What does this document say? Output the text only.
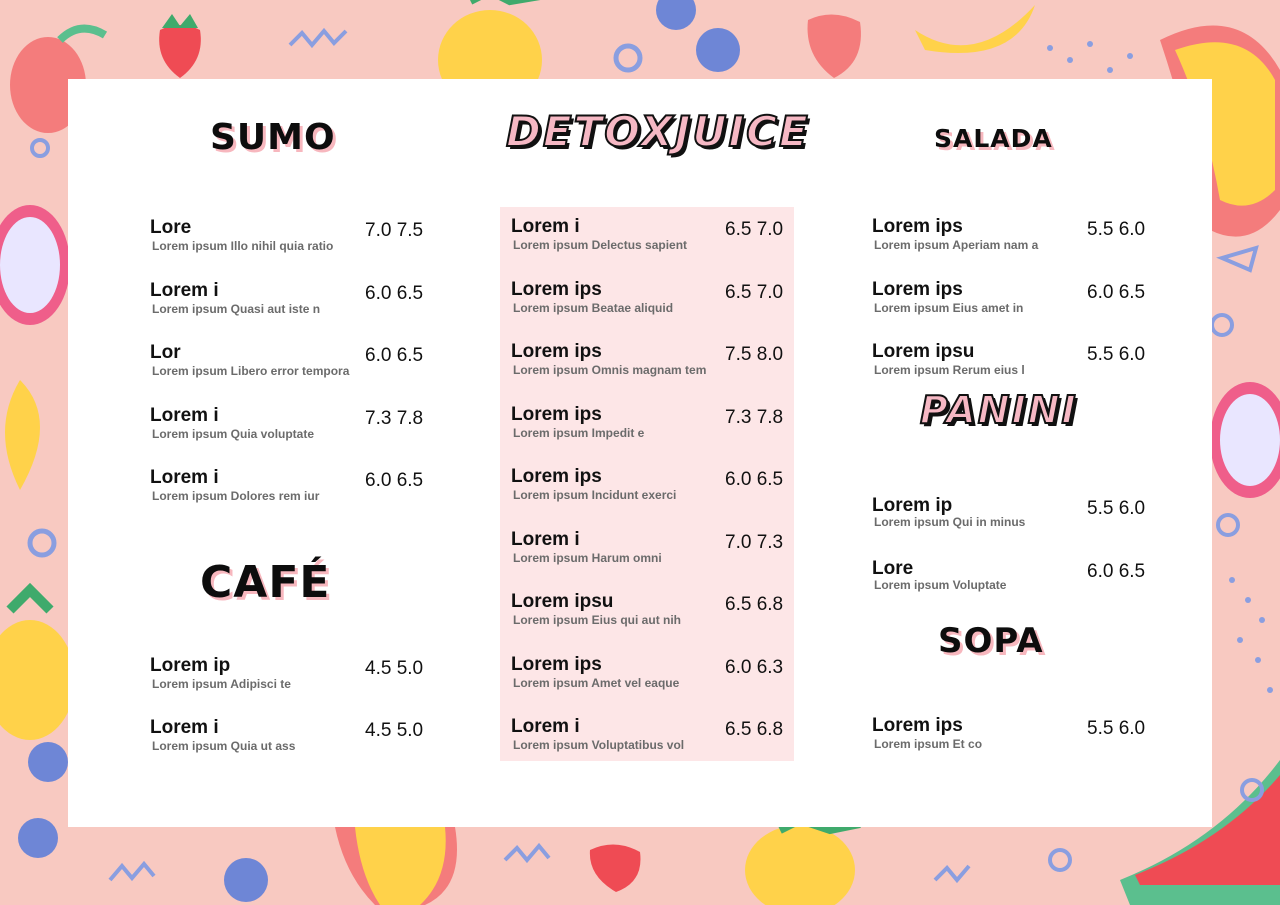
SUMO
CAFÉ
DETOXJUICE	SALADA
PANINI
SOPA
Lore
Lorem ipsum Illo nihil quia ratio
7.0 7.5
Lorem i
Lorem ipsum Quasi aut iste n
6.0 6.5
Lor
Lorem ipsum Libero error tempora
6.0 6.5
Lorem i
Lorem ipsum Quia voluptate
7.3 7.8
Lorem i
Lorem ipsum Dolores rem iur
6.0 6.5
Lorem ip
Lorem ipsum Adipisci te
4.5 5.0
Lorem i
Lorem ipsum Quia ut ass
4.5 5.0
Lorem i
Lorem ipsum Delectus sapient
6.5 7.0
Lorem ips
Lorem ipsum Beatae aliquid
6.5 7.0
Lorem ips
Lorem ipsum Omnis magnam tem
7.5 8.0
Lorem ips
Lorem ipsum Impedit e
7.3 7.8
Lorem ips
Lorem ipsum Incidunt exerci
6.0 6.5
Lorem i
Lorem ipsum Harum omni
7.0 7.3
Lorem ipsu
Lorem ipsum Eius qui aut nih
6.5 6.8
Lorem ips
Lorem ipsum Amet vel eaque
6.0 6.3
Lorem i
Lorem ipsum Voluptatibus vol
6.5 6.8
Lorem ips
Lorem ipsum Aperiam nam a
5.5 6.0
Lorem ips
Lorem ipsum Eius amet in
6.0 6.5
Lorem ipsu
Lorem ipsum Rerum eius l
5.5 6.0
Lorem ip
Lorem ipsum Qui in minus
5.5 6.0
Lore
Lorem ipsum Voluptate
6.0 6.5
Lorem ips
Lorem ipsum Et co
5.5 6.0
